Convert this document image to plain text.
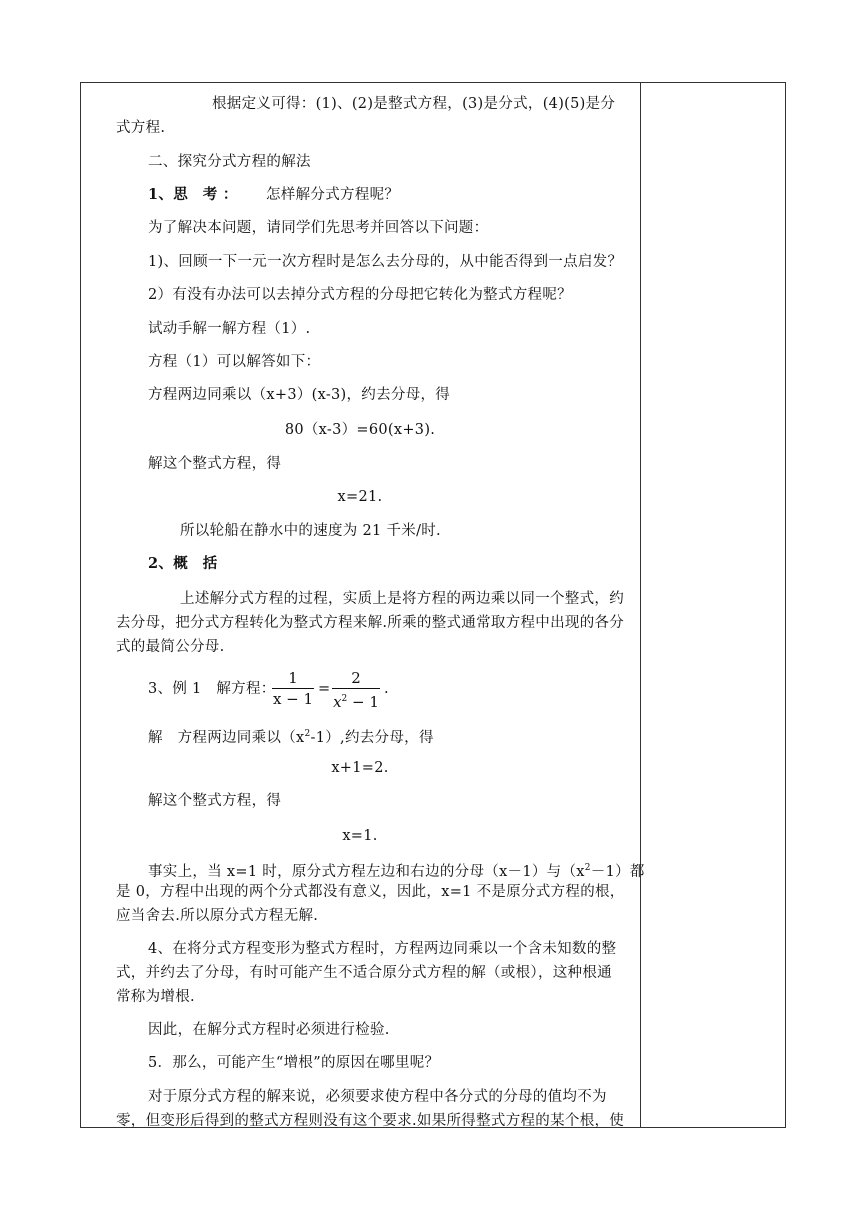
根据定义可得：(1)、(2)是整式方程，(3)是分式，(4)(5)是分
式方程.
二、探究分式方程的解法
1、思　考 ： 怎样解分式方程呢？
为了解决本问题，请同学们先思考并回答以下问题：
1)、回顾一下一元一次方程时是怎么去分母的，从中能否得到一点启发？
2）有没有办法可以去掉分式方程的分母把它转化为整式方程呢？
试动手解一解方程（1）.
方程（1）可以解答如下：
方程两边同乘以（x+3）(x-3)，约去分母，得
80（x-3）=60(x+3).
解这个整式方程，得
x=21.
所以轮船在静水中的速度为 21 千米/时.
2、概　括
上述解分式方程的过程，实质上是将方程的两边乘以同一个整式，约
去分母，把分式方程转化为整式方程来解.所乘的整式通常取方程中出现的各分
式的最简公分母.
3、例 1　解方程：
1
x − 1
=
2
$x^2 - 1$
.
解　方程两边同乘以$(x^2-1)$,约去分母，得
x+1=2.
解这个整式方程，得
x=1.
事实上，当 x=1 时，原分式方程左边和右边的分母（x－1）与$(x^2-1)$都
是 0，方程中出现的两个分式都没有意义，因此，x=1 不是原分式方程的根，
应当舍去.所以原分式方程无解.
4、在将分式方程变形为整式方程时，方程两边同乘以一个含未知数的整
式，并约去了分母，有时可能产生不适合原分式方程的解（或根），这种根通
常称为增根.
因此，在解分式方程时必须进行检验.
5．那么，可能产生“增根”的原因在哪里呢？
对于原分式方程的解来说，必须要求使方程中各分式的分母的值均不为
零，但变形后得到的整式方程则没有这个要求.如果所得整式方程的某个根，使
